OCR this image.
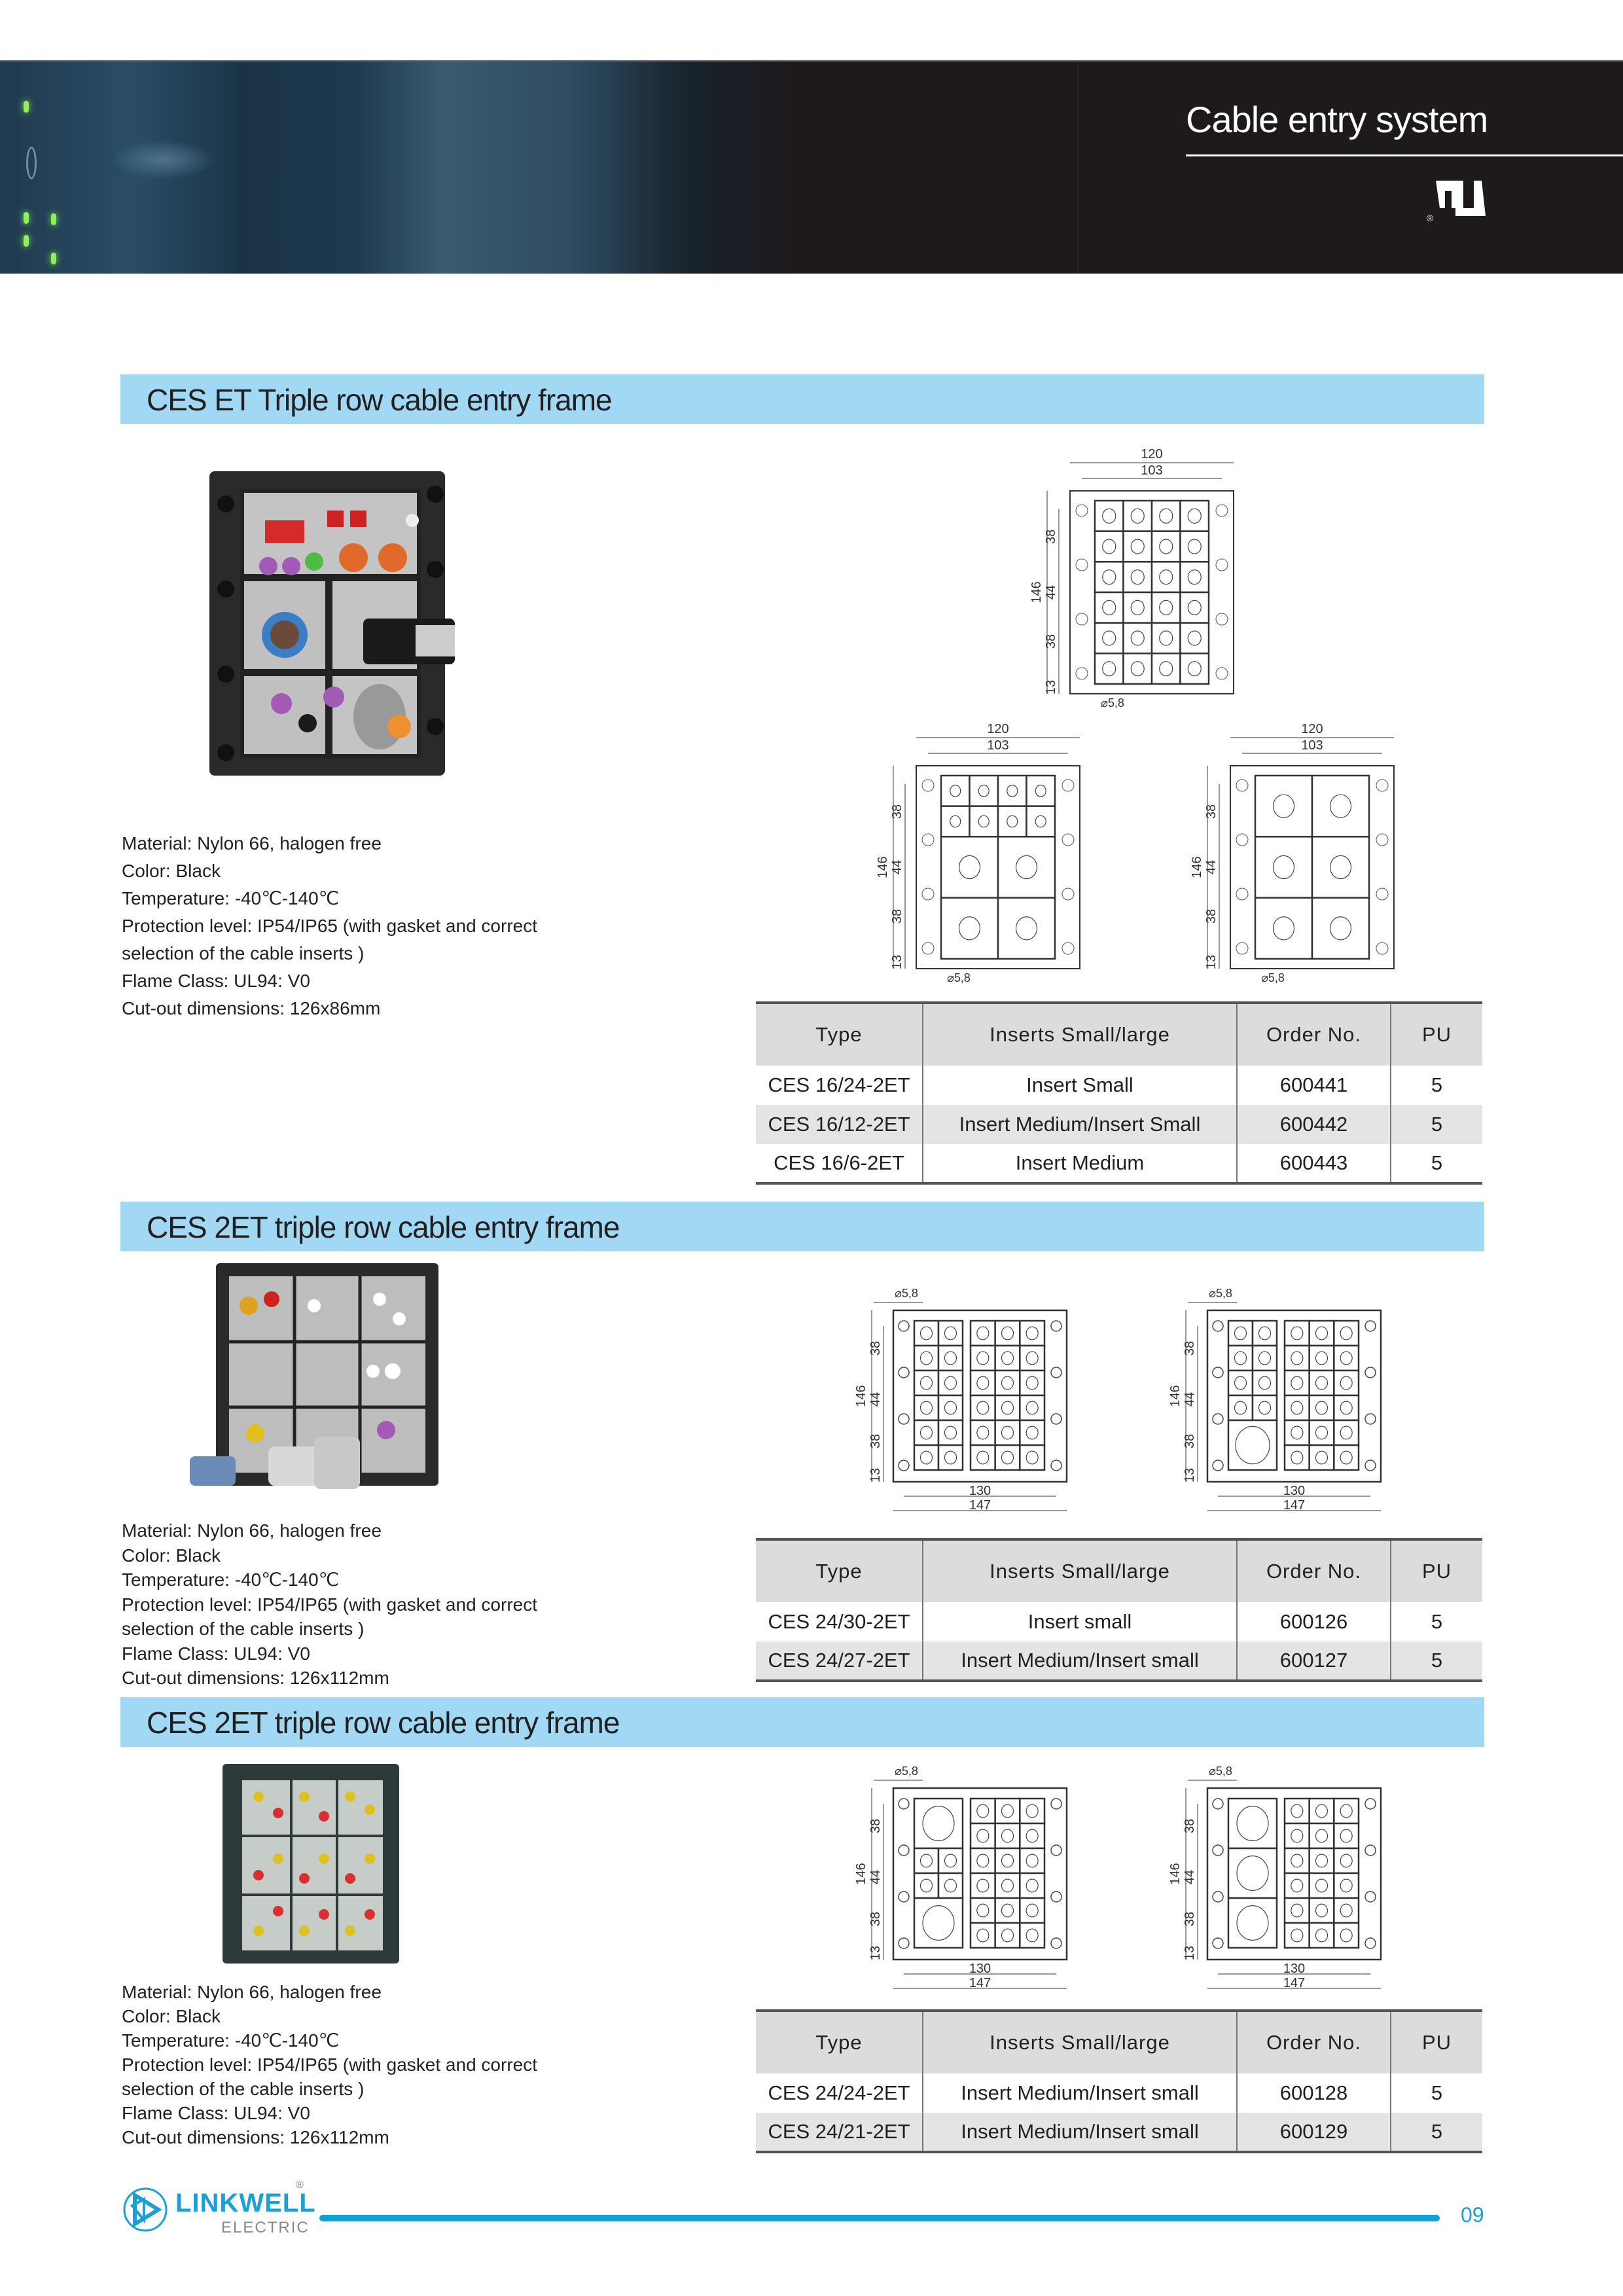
Cable entry system
®
CES ET Triple row cable entry frame
Material: Nylon 66, halogen free
Color: Black
Temperature: -40℃-140℃
Protection level: IP54/IP65 (with gasket and correct
selection of the cable inserts )
Flame Class: UL94: V0
Cut-out dimensions: 126x86mm
120
103
146
38
44
38
13
⌀5,8
120
103
146
38
44
38
13
⌀5,8
120
103
146
38
44
38
13
⌀5,8
Type	Inserts Small/large	Order No.	PU
CES 16/24-2ET	Insert Small	600441	5
CES 16/12-2ET	Insert Medium/Insert Small	600442	5
CES 16/6-2ET	Insert Medium	600443	5
CES 2ET triple row cable entry frame
Material: Nylon 66, halogen free
Color: Black
Temperature: -40℃-140℃
Protection level: IP54/IP65 (with gasket and correct
selection of the cable inserts )
Flame Class: UL94: V0
Cut-out dimensions: 126x112mm
⌀5,8
146
38
44
38
13
130
147
⌀5,8
146
38
44
38
13
130
147
Type	Inserts Small/large	Order No.	PU
CES 24/30-2ET	Insert small	600126	5
CES 24/27-2ET	Insert Medium/Insert small	600127	5
CES 2ET triple row cable entry frame
Material: Nylon 66, halogen free
Color: Black
Temperature: -40℃-140℃
Protection level: IP54/IP65 (with gasket and correct
selection of the cable inserts )
Flame Class: UL94: V0
Cut-out dimensions: 126x112mm
⌀5,8
146
38
44
38
13
130
147
⌀5,8
146
38
44
38
13
130
147
Type	Inserts Small/large	Order No.	PU
CES 24/24-2ET	Insert Medium/Insert small	600128	5
CES 24/21-2ET	Insert Medium/Insert small	600129	5
LINKWELL
®
ELECTRIC
09
